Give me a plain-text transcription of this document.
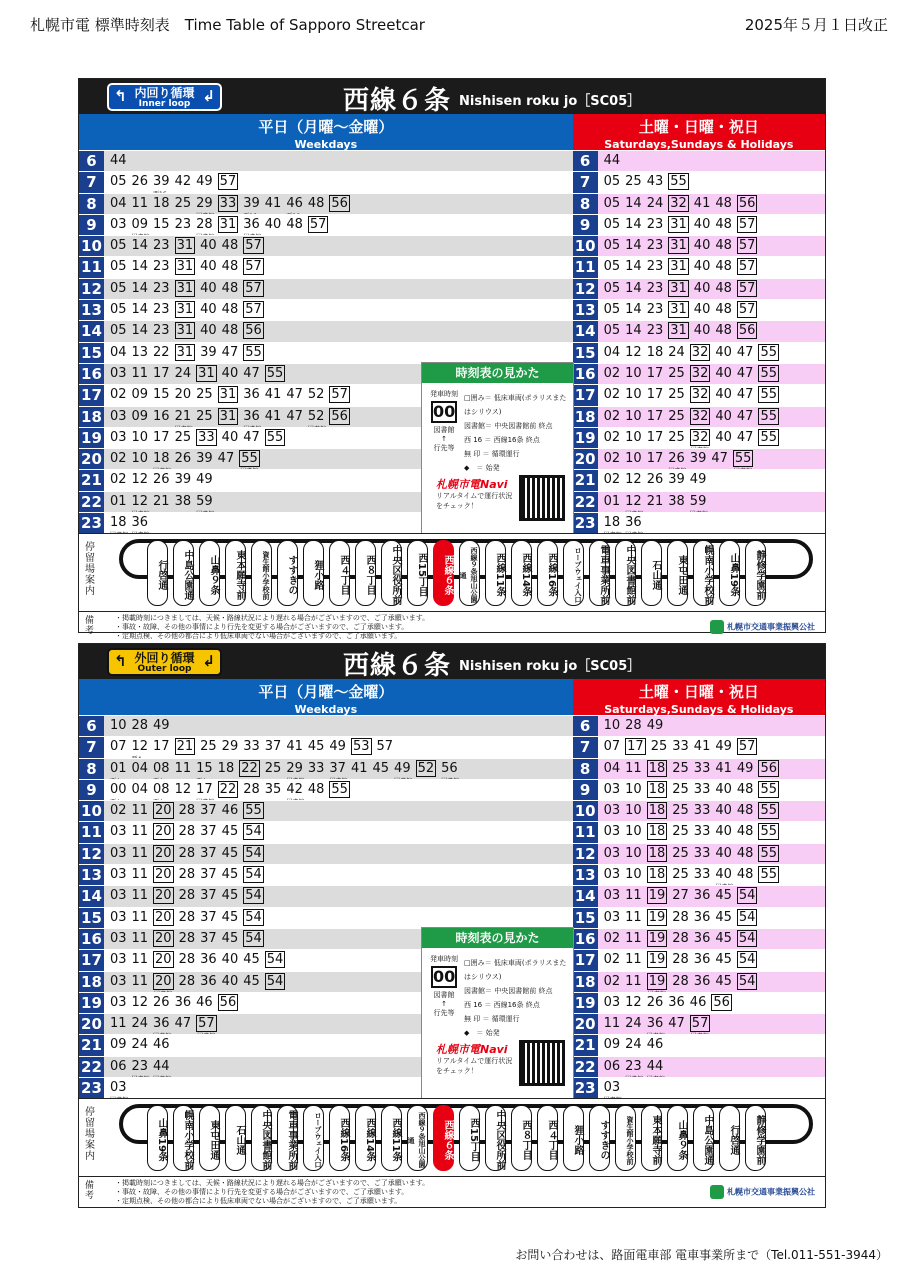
札幌市電 標準時刻表　Time Table of Sapporo Streetcar	2025年５月１日改正
↰ 内回り循環
Inner loop ↲	西線６条 Nishisen roku jo［SC05］
平日（月曜～金曜）
Weekdays
土曜・日曜・祝日
Saturdays,Sundays & Holidays
6	44	6	44
7	05 26 39 42 49 57	7	05 25 43 55
8	04 11 18 25 29 33 39 41 46 48 56	8	05 14 24 32 41 48 56
9	03 09 15 23 28 31 36 40 48 57	9	05 14 23 31 40 48 57
10 05 14 23 31 40 48 57	10 05 14 23 31 40 48 57
11 05 14 23 31 40 48 57	11 05 14 23 31 40 48 57
12 05 14 23 31 40 48 57	12 05 14 23 31 40 48 57
13 05 14 23 31 40 48 57	13 05 14 23 31 40 48 57
14 05 14 23 31 40 48 56	14 05 14 23 31 40 48 56
15 04 13 22 31 39 47 55	15 04 12 18 24 32 40 47 55
16 03 11 17 24 31 40 47 55	16 02 10 17 25 32 40 47 55
17 02 09 15 20 25 31 36 41 47 52 57	17 02 10 17 25 32 40 47 55
18 03 09 16 21 25 31 36 41 47 52 56	18 02 10 17 25 32 40 47 55
19 03 10 17 25 33 40 47 55	19 02 10 17 25 32 40 47 55
20 02 10 18 26 39 47 55	20 02 10 17 26 39 47 55
21 02 12 26 39 49	21 02 12 26 39 49
22 01 12 21 38 59	22 01 12 21 38 59
23 18 36	23 18 36
時刻表の見かた
発車時刻
00
図書館
↑
行先等
□囲み＝ 低床車両(ポラリスまたはシリウス)
図書館＝ 中央図書館前 終点
西 16 ＝ 西線16条 終点
無 印 ＝ 循環運行
◆　＝ 始発
札幌市電Navi
リアルタイムで運行状況をチェック！
停留場案内
行啓通	中島公園通	山鼻９条	東本願寺前	資生館小学校前	すすきの	狸小路	西４丁目	西８丁目	中央区役所前	西15丁目	西線６条	西線９条旭山公園通	西線11条	西線14条	西線16条	ロープウェイ入口	電車事業所前	中央図書館前	石山通	東屯田通	幌南小学校前	山鼻19条	静修学園前
備考
・掲載時刻につきましては、天候・路線状況により遅れる場合がございますので、ご了承願います。
・事故・故障、その他の事情により行先を変更する場合がございますので、ご了承願います。
・定期点検、その他の都合により低床車両でない場合がございますので、ご了承願います。
札幌市交通事業振興公社
↰ 外回り循環
Outer loop ↲	西線６条 Nishisen roku jo［SC05］
平日（月曜～金曜）
Weekdays
土曜・日曜・祝日
Saturdays,Sundays & Holidays
6	10 28 49	6	10 28 49
7	07 12 17 21 25 29 33 37 41 45 49 53 57	7	07 17 25 33 41 49 57
8	01 04 08 11 15 18 22 25 29 33 37 41 45 49 52 56	8	04 11 18 25 33 41 49 56
9	00 04 08 12 17 22 28 35 42 48 55	9	03 10 18 25 33 40 48 55
10 02 11 20 28 37 46 55	10 03 10 18 25 33 40 48 55
11 03 11 20 28 37 45 54	11 03 10 18 25 33 40 48 55
12 03 11 20 28 37 45 54	12 03 10 18 25 33 40 48 55
13 03 11 20 28 37 45 54	13 03 10 18 25 33 40 48 55
14 03 11 20 28 37 45 54	14 03 11 19 27 36 45 54
15 03 11 20 28 37 45 54	15 03 11 19 28 36 45 54
16 03 11 20 28 37 45 54	16 02 11 19 28 36 45 54
17 03 11 20 28 36 40 45 54	17 02 11 19 28 36 45 54
18 03 11 20 28 36 40 45 54	18 02 11 19 28 36 45 54
19 03 12 26 36 46 56	19 03 12 26 36 46 56
20 11 24 36 47 57	20 11 24 36 47 57
21 09 24 46	21 09 24 46
22 06 23 44	22 06 23 44
23 03	23 03
時刻表の見かた
発車時刻
00
図書館
↑
行先等
□囲み＝ 低床車両(ポラリスまたはシリウス)
図書館＝ 中央図書館前 終点
西 16 ＝ 西線16条 終点
無 印 ＝ 循環運行
◆　＝ 始発
札幌市電Navi
リアルタイムで運行状況をチェック！
停留場案内	山鼻19条	幌南小学校前	東屯田通	石山通	中央図書館前	電車事業所前	ロープウェイ入口	西線16条	西線14条	西線11条	西線９条旭山公園通	西線６条	西15丁目	中央区役所前	西８丁目	西４丁目	狸小路	すすきの	資生館小学校前	東本願寺前	山鼻９条	中島公園通	行啓通	静修学園前
備考
・掲載時刻につきましては、天候・路線状況により遅れる場合がございますので、ご了承願います。
・事故・故障、その他の事情により行先を変更する場合がございますので、ご了承願います。
・定期点検、その他の都合により低床車両でない場合がございますので、ご了承願います。
札幌市交通事業振興公社
お問い合わせは、路面電車部 電車事業所まで（Tel.011-551-3944）
